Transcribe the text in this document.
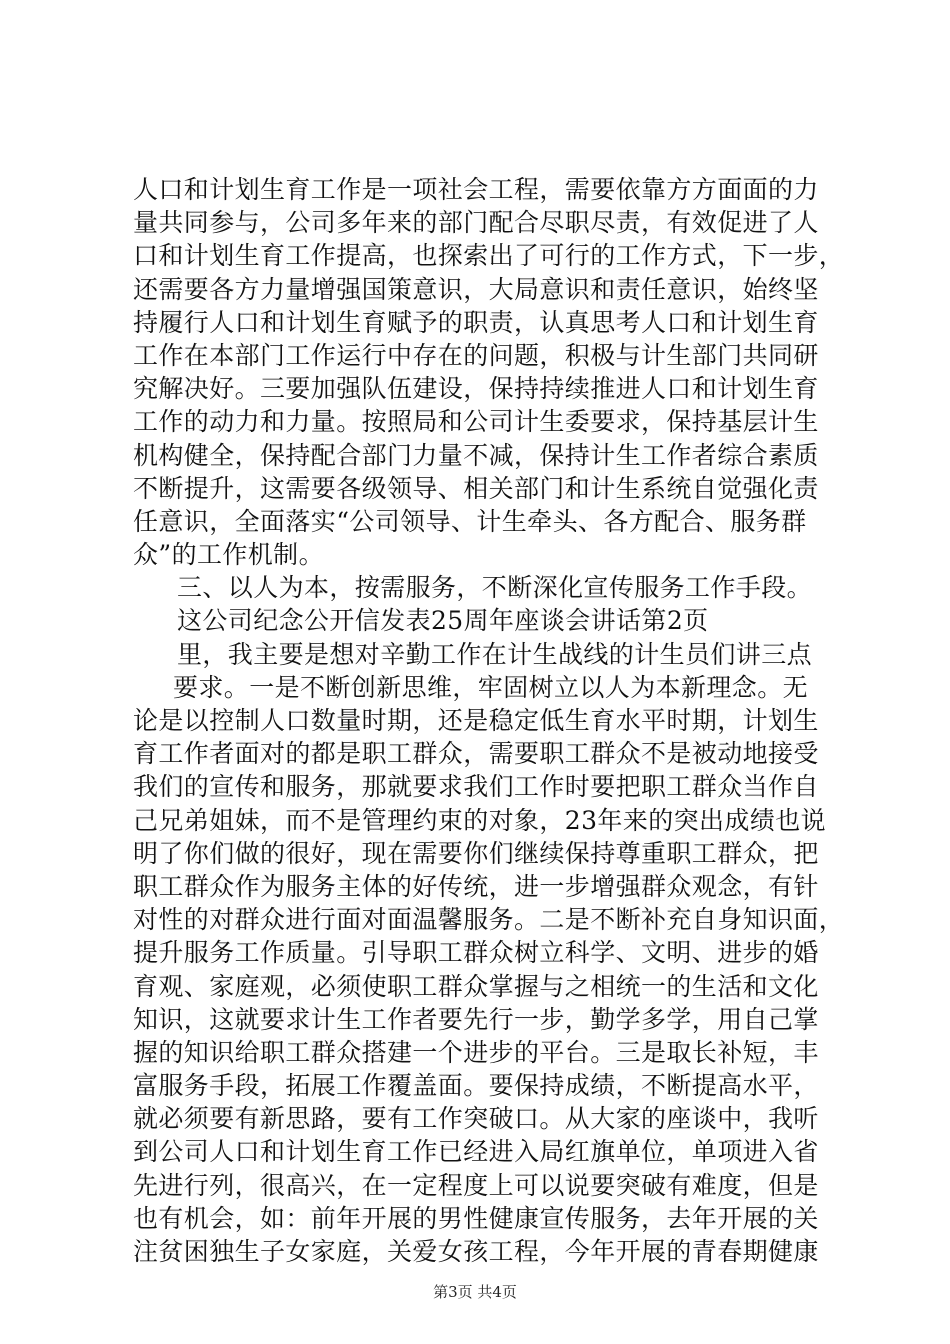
人口和计划生育工作是一项社会工程，需要依靠方方面面的力
量共同参与，公司多年来的部门配合尽职尽责，有效促进了人
口和计划生育工作提高，也探索出了可行的工作方式，下一步，
还需要各方力量增强国策意识，大局意识和责任意识，始终坚
持履行人口和计划生育赋予的职责，认真思考人口和计划生育
工作在本部门工作运行中存在的问题，积极与计生部门共同研
究解决好。三要加强队伍建设，保持持续推进人口和计划生育
工作的动力和力量。按照局和公司计生委要求，保持基层计生
机构健全，保持配合部门力量不减，保持计生工作者综合素质
不断提升，这需要各级领导、相关部门和计生系统自觉强化责
任意识，全面落实“公司领导、计生牵头、各方配合、服务群
众”的工作机制。
三、以人为本，按需服务，不断深化宣传服务工作手段。
这公司纪念公开信发表25周年座谈会讲话第2页
里，我主要是想对辛勤工作在计生战线的计生员们讲三点
要求。一是不断创新思维，牢固树立以人为本新理念。无
论是以控制人口数量时期，还是稳定低生育水平时期，计划生
育工作者面对的都是职工群众，需要职工群众不是被动地接受
我们的宣传和服务，那就要求我们工作时要把职工群众当作自
己兄弟姐妹，而不是管理约束的对象，23年来的突出成绩也说
明了你们做的很好，现在需要你们继续保持尊重职工群众，把
职工群众作为服务主体的好传统，进一步增强群众观念，有针
对性的对群众进行面对面温馨服务。二是不断补充自身知识面，
提升服务工作质量。引导职工群众树立科学、文明、进步的婚
育观、家庭观，必须使职工群众掌握与之相统一的生活和文化
知识，这就要求计生工作者要先行一步，勤学多学，用自己掌
握的知识给职工群众搭建一个进步的平台。三是取长补短，丰
富服务手段，拓展工作覆盖面。要保持成绩，不断提高水平，
就必须要有新思路，要有工作突破口。从大家的座谈中，我听
到公司人口和计划生育工作已经进入局红旗单位，单项进入省
先进行列，很高兴，在一定程度上可以说要突破有难度，但是
也有机会，如：前年开展的男性健康宣传服务，去年开展的关
注贫困独生子女家庭，关爱女孩工程，今年开展的青春期健康
第3页 共4页
